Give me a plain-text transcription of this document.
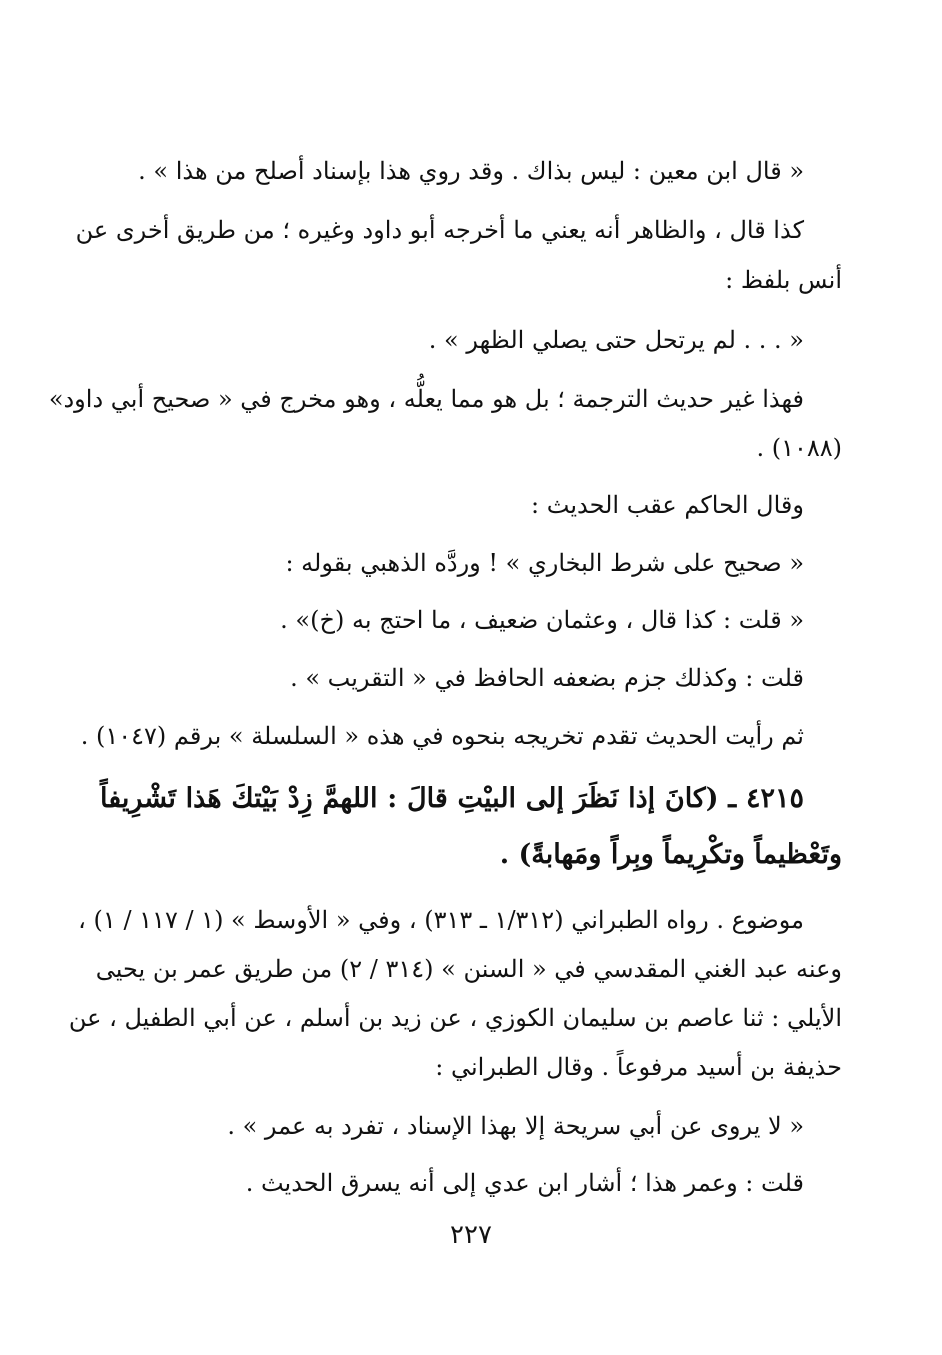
« قال ابن معين : ليس بذاك . وقد روي هذا بإسناد أصلح من هذا » .
كذا قال ، والظاهر أنه يعني ما أخرجه أبو داود وغيره ؛ من طريق أخرى عن
أنس بلفظ :
« . . . لم يرتحل حتى يصلي الظهر » .
فهذا غير حديث الترجمة ؛ بل هو مما يعلُّه ، وهو مخرج في « صحيح أبي داود»
(١٠٨٨) .
وقال الحاكم عقب الحديث :
« صحيح على شرط البخاري » ! وردَّه الذهبي بقوله :
« قلت : كذا قال ، وعثمان ضعيف ، ما احتج به (خ)» .
قلت : وكذلك جزم بضعفه الحافظ في « التقريب » .
ثم رأيت الحديث تقدم تخريجه بنحوه في هذه « السلسلة » برقم (١٠٤٧) .
٤٢١٥ ـ (كانَ إذا نَظَرَ إلى البيْتِ قالَ : اللهمَّ زِدْ بَيْتكَ هَذا تَشْرِيفاً
وتَعْظيماً وتكْرِيماً وبِراً ومَهابةً) .
موضوع . رواه الطبراني (١/٣١٢ ـ ٣١٣) ، وفي « الأوسط » (١ / ١١٧ / ١) ،
وعنه عبد الغني المقدسي في « السنن » (٣١٤ / ٢) من طريق عمر بن يحيى
الأيلي : ثنا عاصم بن سليمان الكوزي ، عن زيد بن أسلم ، عن أبي الطفيل ، عن
حذيفة بن أسيد مرفوعاً . وقال الطبراني :
« لا يروى عن أبي سريحة إلا بهذا الإسناد ، تفرد به عمر » .
قلت : وعمر هذا ؛ أشار ابن عدي إلى أنه يسرق الحديث .
٢٢٧
